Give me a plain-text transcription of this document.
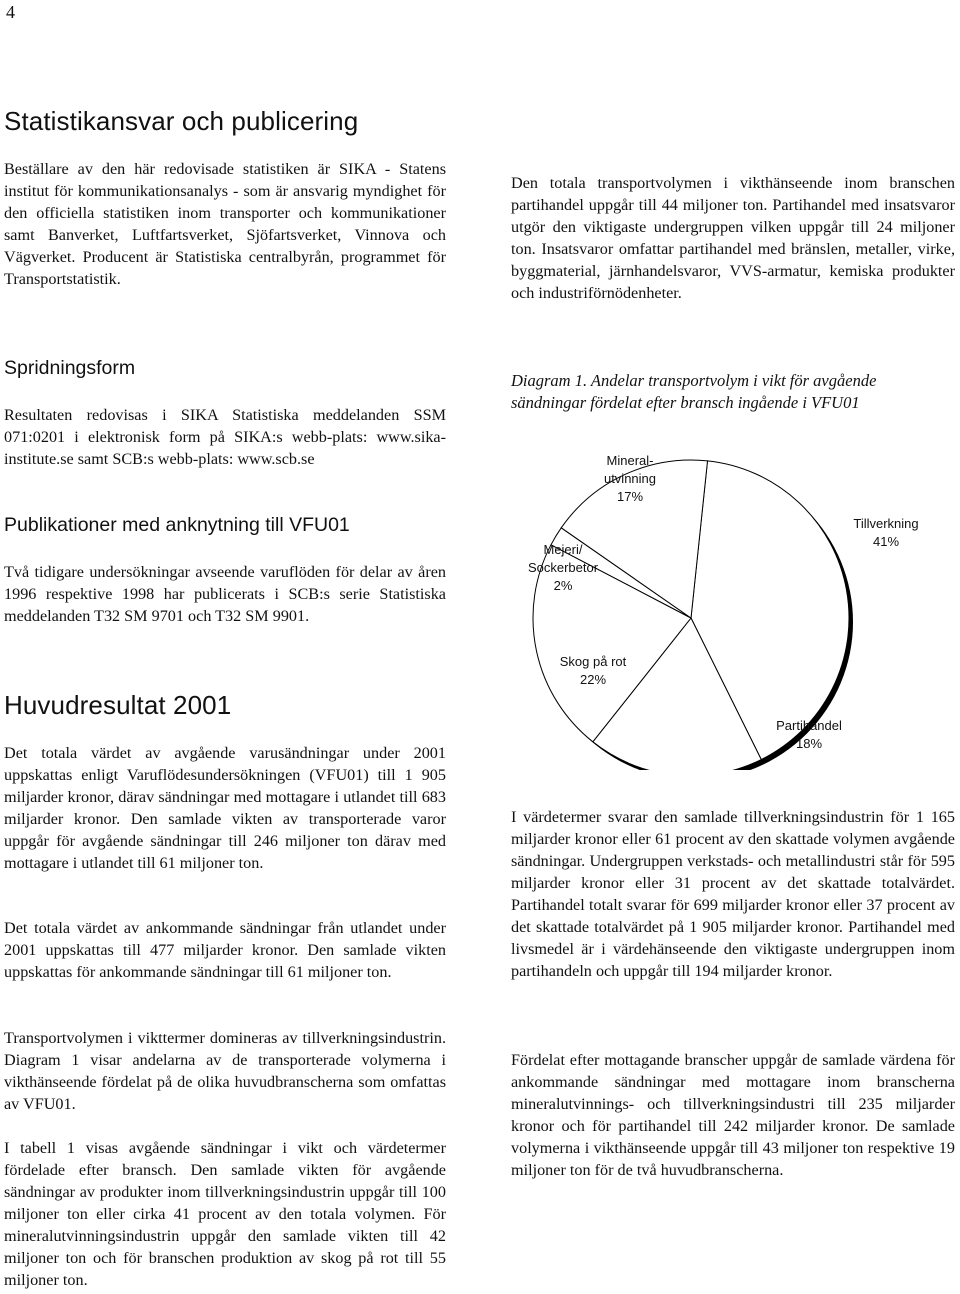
4
Statistikansvar och publicering

Beställare av den här redovisade statistiken är SIKA - Statens institut för kommunikationsanalys - som är ansvarig myndighet för den officiella statistiken inom transporter och kommunikationer samt Banverket, Luftfartsverket, Sjöfartsverket, Vinnova och Vägverket. Producent är Statistiska centralbyrån, programmet för Transportstatistik.

Spridningsform

Resultaten redovisas i SIKA Statistiska meddelanden SSM 071:0201 i elektronisk form på SIKA:s webb-plats: www.sika-institute.se samt SCB:s webb-plats: www.scb.se

Publikationer med anknytning till VFU01

Två tidigare undersökningar avseende varuflöden för delar av åren 1996 respektive 1998 har publicerats i SCB:s serie Statistiska meddelanden T32 SM 9701 och T32 SM 9901.

Huvudresultat 2001

Det totala värdet av avgående varusändningar under 2001 uppskattas enligt Varuflödesundersökningen (VFU01) till 1 905 miljarder kronor, därav sändningar med mottagare i utlandet till 683 miljarder kronor. Den samlade vikten av transporterade varor uppgår för avgående sändningar till 246 miljoner ton därav med mottagare i utlandet till 61 miljoner ton.

Det totala värdet av ankommande sändningar från utlandet under 2001 uppskattas till 477 miljarder kronor. Den samlade vikten uppskattas för ankommande sändningar till 61 miljoner ton.

Transportvolymen i vikttermer domineras av tillverkningsindustrin. Diagram 1 visar andelarna av de transporterade volymerna i vikthänseende fördelat på de olika huvudbranscherna som omfattas av VFU01.

I tabell 1 visas avgående sändningar i vikt och värdetermer fördelade efter bransch. Den samlade vikten för avgående sändningar av produkter inom tillverkningsindustrin uppgår till 100 miljoner ton eller cirka 41 procent av den totala volymen. För mineralutvinningsindustrin uppgår den samlade vikten till 42 miljoner ton och för branschen produktion av skog på rot till 55 miljoner ton.

Den totala transportvolymen i vikthänseende inom branschen partihandel uppgår till 44 miljoner ton. Partihandel med insatsvaror utgör den viktigaste undergruppen vilken uppgår till 24 miljoner ton. Insatsvaror omfattar partihandel med bränslen, metaller, virke, byggmaterial, järnhandelsvaror, VVS-armatur, kemiska produkter och industriförnödenheter.

Diagram 1. Andelar transportvolym i vikt för avgående sändningar fördelat efter bransch ingående i VFU01

Tillverkning
41%
Partihandel
18%
Skog på rot
22%
Mejeri/
Sockerbetor
2%
Mineral-
utvinning
17%

I värdetermer svarar den samlade tillverkningsindustrin för 1 165 miljarder kronor eller 61 procent av den skattade volymen avgående sändningar. Undergruppen verkstads- och metallindustri står för 595 miljarder kronor eller 31 procent av det skattade totalvärdet. Partihandel totalt svarar för 699 miljarder kronor eller 37 procent av det skattade totalvärdet på 1 905 miljarder kronor. Partihandel med livsmedel är i värdehänseende den viktigaste undergruppen inom partihandeln och uppgår till 194 miljarder kronor.

Fördelat efter mottagande branscher uppgår de samlade värdena för ankommande sändningar med mottagare inom branscherna mineralutvinnings- och tillverkningsindustri till 235 miljarder kronor och för partihandel till 242 miljarder kronor. De samlade volymerna i vikthänseende uppgår till 43 miljoner ton respektive 19 miljoner ton för de två huvudbranscherna.
